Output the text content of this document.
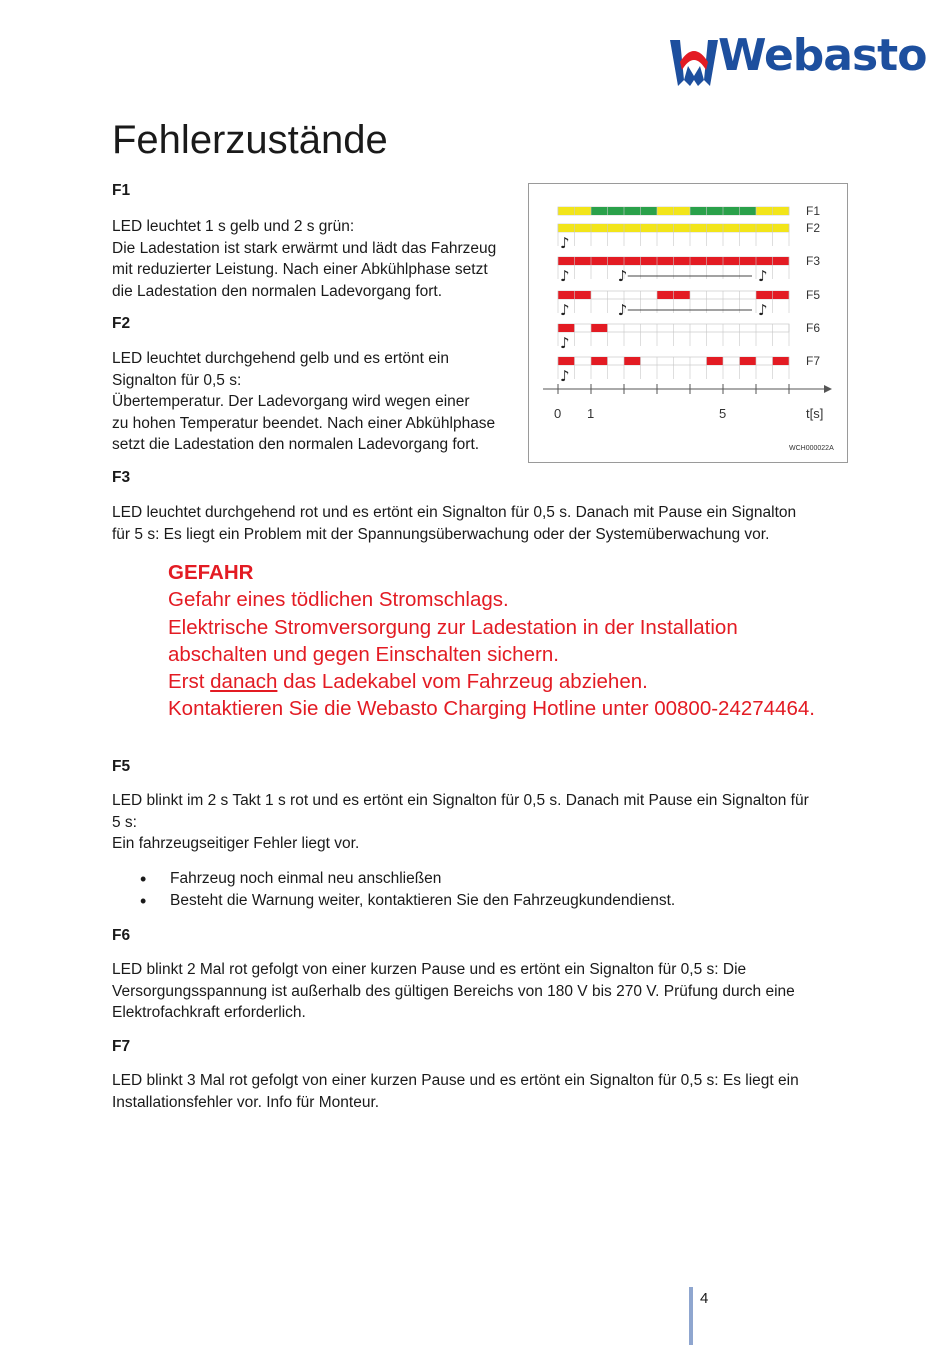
Webasto
Fehlerzustände
F1
LED leuchtet 1 s gelb und 2 s grün:
Die Ladestation ist stark erwärmt und lädt das Fahrzeug
mit reduzierter Leistung. Nach einer Abkühlphase setzt
die Ladestation den normalen Ladevorgang fort.
F2
LED leuchtet durchgehend gelb und es ertönt ein
Signalton für 0,5 s:
Übertemperatur. Der Ladevorgang wird wegen einer
zu hohen Temperatur beendet. Nach einer Abkühlphase
setzt die Ladestation den normalen Ladevorgang fort.
F3
LED leuchtet durchgehend rot und es ertönt ein Signalton für 0,5 s. Danach mit Pause ein Signalton
für 5 s: Es liegt ein Problem mit der Spannungsüberwachung oder der Systemüberwachung vor.
GEFAHR
Gefahr eines tödlichen Stromschlags.
Elektrische Stromversorgung zur Ladestation in der Installation
abschalten und gegen Einschalten sichern.
Erst danach das Ladekabel vom Fahrzeug abziehen.
Kontaktieren Sie die Webasto Charging Hotline unter 00800-24274464.
F5
LED blinkt im 2 s Takt 1 s rot und es ertönt ein Signalton für 0,5 s. Danach mit Pause ein Signalton für
5 s:
Ein fahrzeugseitiger Fehler liegt vor.
• Fahrzeug noch einmal neu anschließen
• Besteht die Warnung weiter, kontaktieren Sie den Fahrzeugkundendienst.
F6
LED blinkt 2 Mal rot gefolgt von einer kurzen Pause und es ertönt ein Signalton für 0,5 s: Die
Versorgungsspannung ist außerhalb des gültigen Bereichs von 180 V bis 270 V. Prüfung durch eine
Elektrofachkraft erforderlich.
F7
LED blinkt 3 Mal rot gefolgt von einer kurzen Pause und es ertönt ein Signalton für 0,5 s: Es liegt ein
Installationsfehler vor. Info für Monteur.
F1
F2
♪
F3
♪	♪	♪
F5
♪	♪	♪
F6
♪
F7
♪
0 1	5	t[s]
WCH000022A
4
